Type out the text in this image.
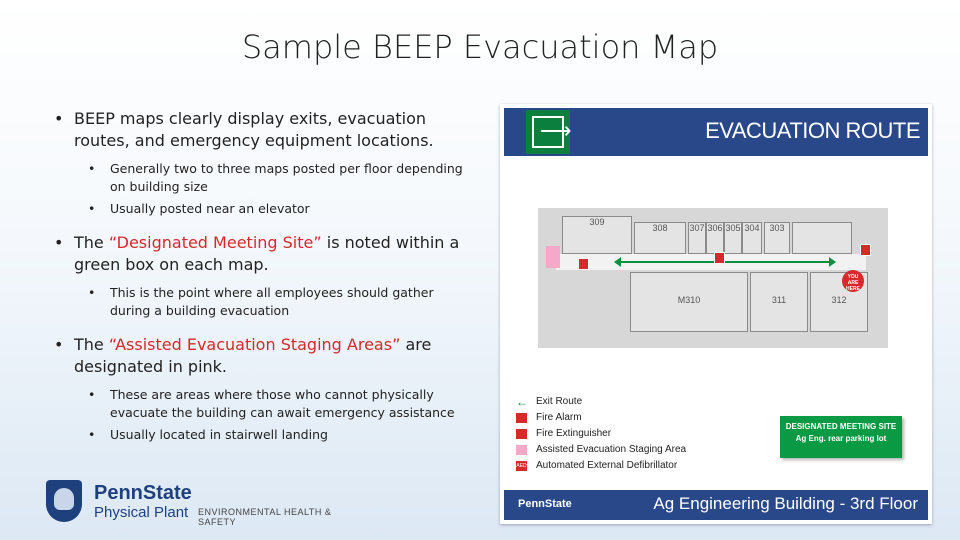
Sample BEEP Evacuation Map
• BEEP maps clearly display exits, evacuation routes, and emergency equipment locations.
• Generally two to three maps posted per floor depending on building size
• Usually posted near an elevator
• The “Designated Meeting Site” is noted within a green box on each map.
• This is the point where all employees should gather during a building evacuation
• The “Assisted Evacuation Staging Areas” are designated in pink.
• These are areas where those who cannot physically evacuate the building can await emergency assistance
• Usually located in stairwell landing
PennState
Physical Plant ENVIRONMENTAL HEALTH & SAFETY
⟶	EVACUATION ROUTE
309
308	307 306 305 304	303
M310	311	312
YOU ARE HERE
← Exit Route
Fire Alarm
Fire Extinguisher
Assisted Evacuation Staging Area
AED Automated External Defibrillator
DESIGNATED MEETING SITE
Ag Eng. rear parking lot
PennState	Ag Engineering Building - 3rd Floor
